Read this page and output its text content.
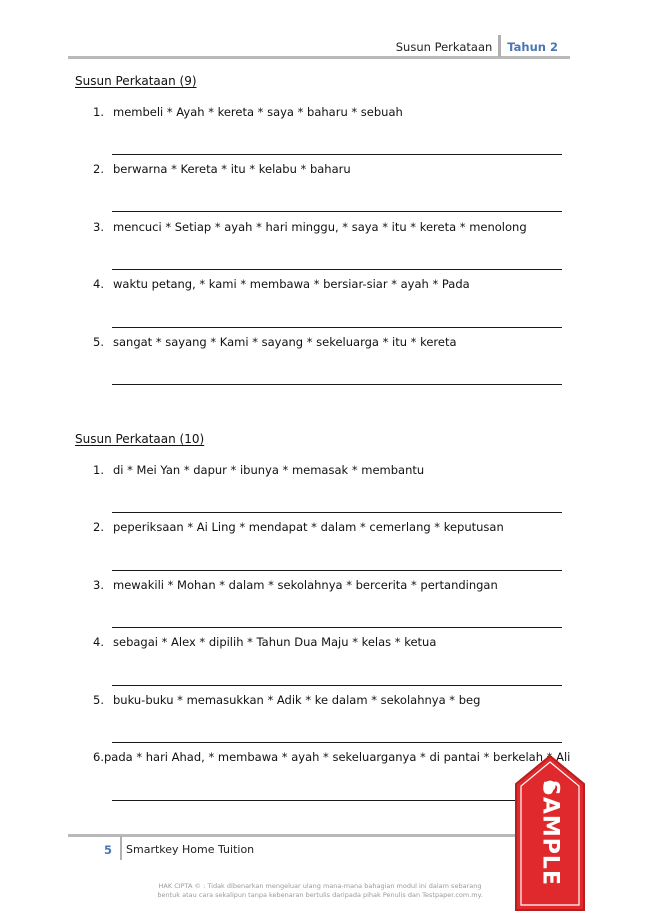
Susun Perkataan	Tahun 2
Susun Perkataan (9)
1. membeli * Ayah * kereta * saya * baharu * sebuah
2. berwarna * Kereta * itu * kelabu * baharu
3. mencuci * Setiap * ayah * hari minggu, * saya * itu * kereta * menolong
4. waktu petang, * kami * membawa * bersiar-siar * ayah * Pada
5. sangat * sayang * Kami * sayang * sekeluarga * itu * kereta
Susun Perkataan (10)
1. di * Mei Yan * dapur * ibunya * memasak * membantu
2. peperiksaan * Ai Ling * mendapat * dalam * cemerlang * keputusan
3. mewakili * Mohan * dalam * sekolahnya * bercerita * pertandingan
4. sebagai * Alex * dipilih * Tahun Dua Maju * kelas * ketua
5. buku-buku * memasukkan * Adik * ke dalam * sekolahnya * beg
6. pada * hari Ahad, * membawa * ayah * sekeluarganya * di pantai * berkelah * Ali
5 Smartkey Home Tuition
HAK CIPTA © : Tidak dibenarkan mengeluar ulang mana-mana bahagian modul ini dalam sebarang
bentuk atau cara sekalipun tanpa kebenaran bertulis daripada pihak Penulis dan Testpaper.com.my.
SAMPLE
